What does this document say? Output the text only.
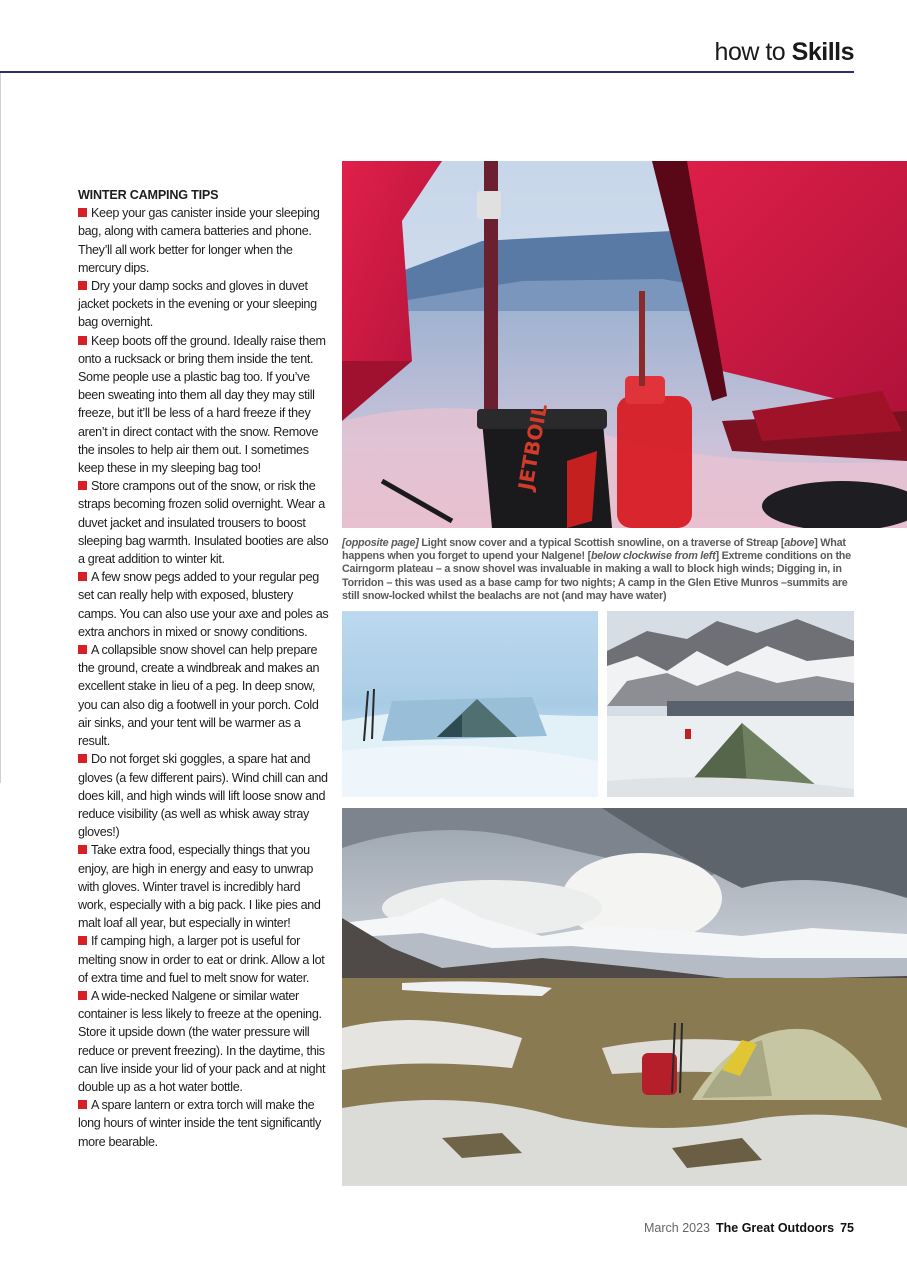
how to Skills
WINTER CAMPING TIPS

Keep your gas canister inside your sleeping bag, along with camera batteries and phone. They’ll all work better for longer when the mercury dips.

Dry your damp socks and gloves in duvet jacket pockets in the evening or your sleeping bag overnight.

Keep boots off the ground. Ideally raise them onto a rucksack or bring them inside the tent. Some people use a plastic bag too. If you’ve been sweating into them all day they may still freeze, but it’ll be less of a hard freeze if they aren’t in direct contact with the snow. Remove the insoles to help air them out. I sometimes keep these in my sleeping bag too!

Store crampons out of the snow, or risk the straps becoming frozen solid overnight. Wear a duvet jacket and insulated trousers to boost sleeping bag warmth. Insulated booties are also a great addition to winter kit.

A few snow pegs added to your regular peg set can really help with exposed, blustery camps. You can also use your axe and poles as extra anchors in mixed or snowy conditions.

A collapsible snow shovel can help prepare the ground, create a windbreak and makes an excellent stake in lieu of a peg. In deep snow, you can also dig a footwell in your porch. Cold air sinks, and your tent will be warmer as a result.

Do not forget ski goggles, a spare hat and gloves (a few different pairs). Wind chill can and does kill, and high winds will lift loose snow and reduce visibility (as well as whisk away stray gloves!)

Take extra food, especially things that you enjoy, are high in energy and easy to unwrap with gloves. Winter travel is incredibly hard work, especially with a big pack. I like pies and malt loaf all year, but especially in winter!

If camping high, a larger pot is useful for melting snow in order to eat or drink. Allow a lot of extra time and fuel to melt snow for water.

A wide-necked Nalgene or similar water container is less likely to freeze at the opening. Store it upside down (the water pressure will reduce or prevent freezing). In the daytime, this can live inside your lid of your pack and at night double up as a hot water bottle.

A spare lantern or extra torch will make the long hours of winter inside the tent significantly more bearable.

JETBOIL
[opposite page] Light snow cover and a typical Scottish snowline, on a traverse of Streap [above] What happens when you forget to upend your Nalgene! [below clockwise from left] Extreme conditions on the Cairngorm plateau – a snow shovel was invaluable in making a wall to block high winds; Digging in, in Torridon – this was used as a base camp for two nights; A camp in the Glen Etive Munros –summits are still snow-locked whilst the bealachs are not (and may have water)
March 2023 The Great Outdoors 75
